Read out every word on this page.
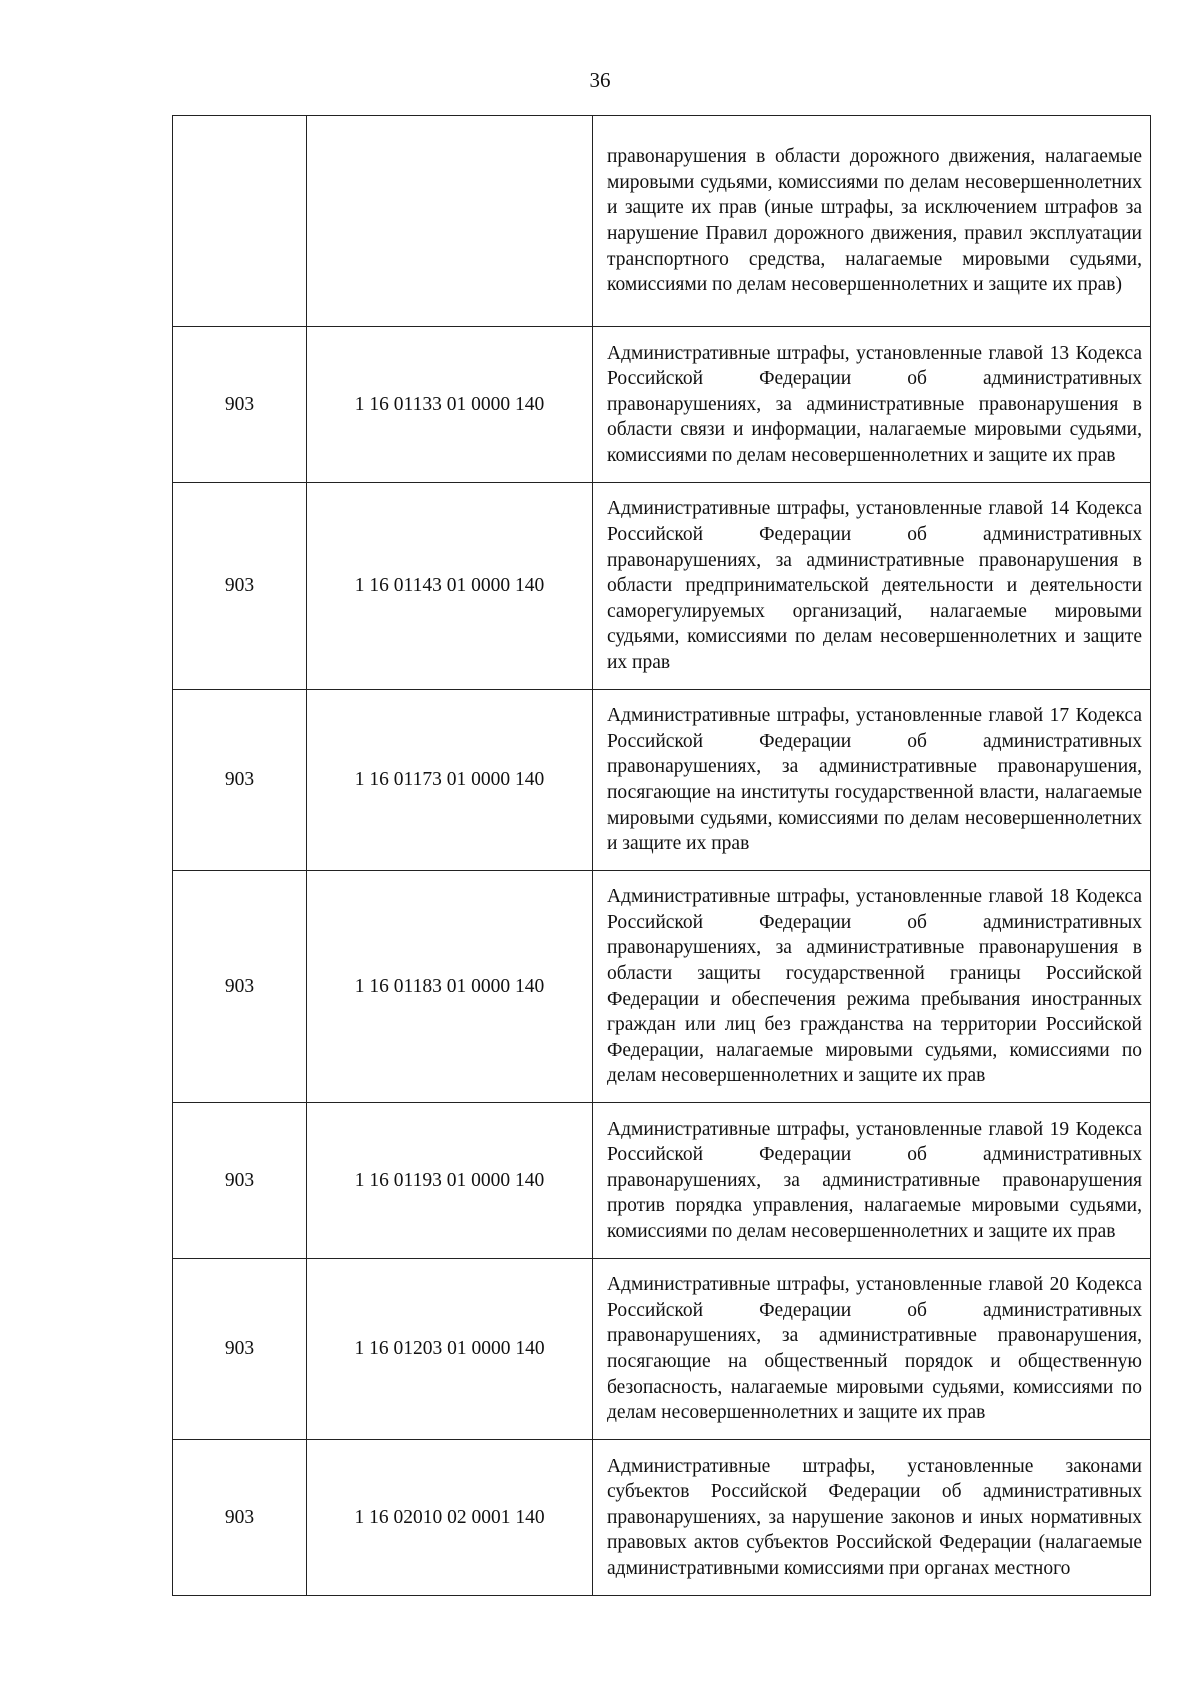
36

		правонарушения в области дорожного движения, налагаемые мировыми судьями, комиссиями по делам несовершеннолетних и защите их прав (иные штрафы, за исключением штрафов за нарушение Правил дорожного движения, правил эксплуатации транспортного средства, налагаемые мировыми судьями, комиссиями по делам несовершеннолетних и защите их прав)

903	1 16 01133 01 0000 140	Административные штрафы, установленные главой 13 Кодекса Российской Федерации об административных правонарушениях, за административные правонарушения в области связи и информации, налагаемые мировыми судьями, комиссиями по делам несовершеннолетних и защите их прав

903	1 16 01143 01 0000 140	Административные штрафы, установленные главой 14 Кодекса Российской Федерации об административных правонарушениях, за административные правонарушения в области предпринимательской деятельности и деятельности саморегулируемых организаций, налагаемые мировыми судьями, комиссиями по делам несовершеннолетних и защите их прав

903	1 16 01173 01 0000 140	Административные штрафы, установленные главой 17 Кодекса Российской Федерации об административных правонарушениях, за административные правонарушения, посягающие на институты государственной власти, налагаемые мировыми судьями, комиссиями по делам несовершеннолетних и защите их прав

903	1 16 01183 01 0000 140	Административные штрафы, установленные главой 18 Кодекса Российской Федерации об административных правонарушениях, за административные правонарушения в области защиты государственной границы Российской Федерации и обеспечения режима пребывания иностранных граждан или лиц без гражданства на территории Российской Федерации, налагаемые мировыми судьями, комиссиями по делам несовершеннолетних и защите их прав

903	1 16 01193 01 0000 140	Административные штрафы, установленные главой 19 Кодекса Российской Федерации об административных правонарушениях, за административные правонарушения против порядка управления, налагаемые мировыми судьями, комиссиями по делам несовершеннолетних и защите их прав

903	1 16 01203 01 0000 140	Административные штрафы, установленные главой 20 Кодекса Российской Федерации об административных правонарушениях, за административные правонарушения, посягающие на общественный порядок и общественную безопасность, налагаемые мировыми судьями, комиссиями по делам несовершеннолетних и защите их прав

903	1 16 02010 02 0001 140	Административные штрафы, установленные законами субъектов Российской Федерации об административных правонарушениях, за нарушение законов и иных нормативных правовых актов субъектов Российской Федерации (налагаемые административными комиссиями при органах местного
